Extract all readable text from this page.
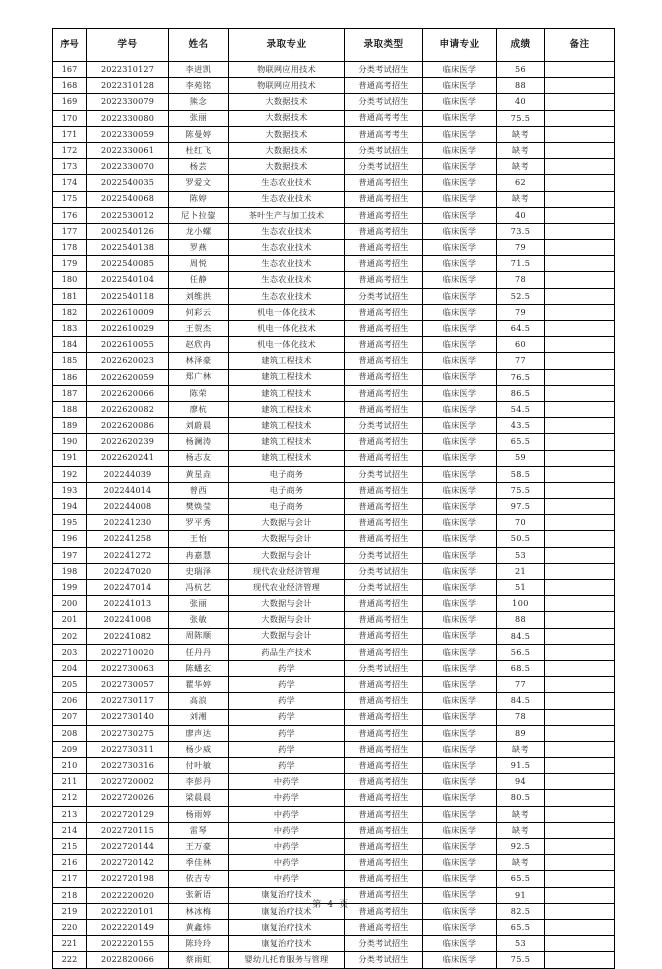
序号	学号	姓名	录取专业	录取类型	申请专业	成绩	备注
167	2022310127	李进凯	物联网应用技术	分类考试招生	临床医学	56	
168	2022310128	李苑铭	物联网应用技术	普通高考招生	临床医学	88	
169	2022330079	熊念	大数据技术	分类考试招生	临床医学	40	
170	2022330080	张丽	大数据技术	普通高考考生	临床医学	75.5	
171	2022330059	陈曼婷	大数据技术	普通高考考生	临床医学	缺考	
172	2022330061	杜红飞	大数据技术	分类考试招生	临床医学	缺考	
173	2022330070	杨芸	大数据技术	分类考试招生	临床医学	缺考	
174	2022540035	罗爱文	生态农业技术	普通高考招生	临床医学	62	
175	2022540068	陈婷	生态农业技术	普通高考招生	临床医学	缺考	
176	2022530012	尼卜拉鋆	茶叶生产与加工技术	普通高考招生	临床医学	40	
177	2002540126	龙小螺	生态农业技术	普通高考招生	临床医学	73.5	
178	2022540138	罗燕	生态农业技术	普通高考招生	临床医学	79	
179	2022540085	周悦	生态农业技术	普通高考招生	临床医学	71.5	
180	2022540104	任静	生态农业技术	普通高考招生	临床医学	78	
181	2022540118	刘维洪	生态农业技术	分类考试招生	临床医学	52.5	
182	2022610009	何彩云	机电一体化技术	普通高考招生	临床医学	79	
183	2022610029	王贺杰	机电一体化技术	普通高考招生	临床医学	64.5	
184	2022610055	赵欣冉	机电一体化技术	普通高考招生	临床医学	60	
185	2022620023	林泽豪	建筑工程技术	普通高考招生	临床医学	77	
186	2022620059	郑广林	建筑工程技术	普通高考招生	临床医学	76.5	
187	2022620066	陈荣	建筑工程技术	普通高考招生	临床医学	86.5	
188	2022620082	廖杭	建筑工程技术	普通高考招生	临床医学	54.5	
189	2022620086	刘蔚晨	建筑工程技术	分类考试招生	临床医学	43.5	
190	2022620239	杨澜涛	建筑工程技术	普通高考招生	临床医学	65.5	
191	2022620241	杨志友	建筑工程技术	普通高考招生	临床医学	59	
192	202244039	黄星垚	电子商务	分类考试招生	临床医学	58.5	
193	202244014	曾西	电子商务	普通高考招生	临床医学	75.5	
194	202244008	樊焕莹	电子商务	普通高考招生	临床医学	97.5	
195	202241230	罗平秀	大数据与会计	普通高考招生	临床医学	70	
196	202241258	王怡	大数据与会计	普通高考招生	临床医学	50.5	
197	202241272	冉嘉慧	大数据与会计	分类考试招生	临床医学	53	
198	202247020	史瑞泽	现代农业经济管理	分类考试招生	临床医学	21	
199	202247014	冯杭艺	现代农业经济管理	分类考试招生	临床医学	51	
200	202241013	张丽	大数据与会计	普通高考招生	临床医学	100	
201	202241008	张敏	大数据与会计	普通高考招生	临床医学	88	
202	202241082	周陈顺	大数据与会计	普通高考招生	临床医学	84.5	
203	2022710020	任丹丹	药品生产技术	普通高考招生	临床医学	56.5	
204	2022730063	陈蟠玄	药学	分类考试招生	临床医学	68.5	
205	2022730057	瞿华婷	药学	普通高考招生	临床医学	77	
206	2022730117	高浪	药学	普通高考招生	临床医学	84.5	
207	2022730140	刘湘	药学	普通高考招生	临床医学	78	
208	2022730275	廖声达	药学	普通高考招生	临床医学	89	
209	2022730311	杨少威	药学	普通高考招生	临床医学	缺考	
210	2022730316	付叶敏	药学	普通高考招生	临床医学	91.5	
211	2022720002	李彭丹	中药学	普通高考招生	临床医学	94	
212	2022720026	梁晨晨	中药学	普通高考招生	临床医学	80.5	
213	2022720129	杨雨婷	中药学	普通高考招生	临床医学	缺考	
214	2022720115	雷琴	中药学	普通高考招生	临床医学	缺考	
215	2022720144	王万豪	中药学	普通高考招生	临床医学	92.5	
216	2022720142	季佳林	中药学	普通高考招生	临床医学	缺考	
217	2022720198	依吉专	中药学	普通高考招生	临床医学	65.5	
218	2022220020	张新语	康复治疗技术	普通高考招生	临床医学	91	
219	2022220101	林冰梅	康复治疗技术	普通高考招生	临床医学	82.5	
220	2022220149	黄鑫炜	康复治疗技术	普通高考招生	临床医学	65.5	
221	2022220155	陈玲玲	康复治疗技术	分类考试招生	临床医学	53	
222	2022820066	蔡雨虹	婴幼儿托育服务与管理	分类考试招生	临床医学	75.5	
第 4 页
